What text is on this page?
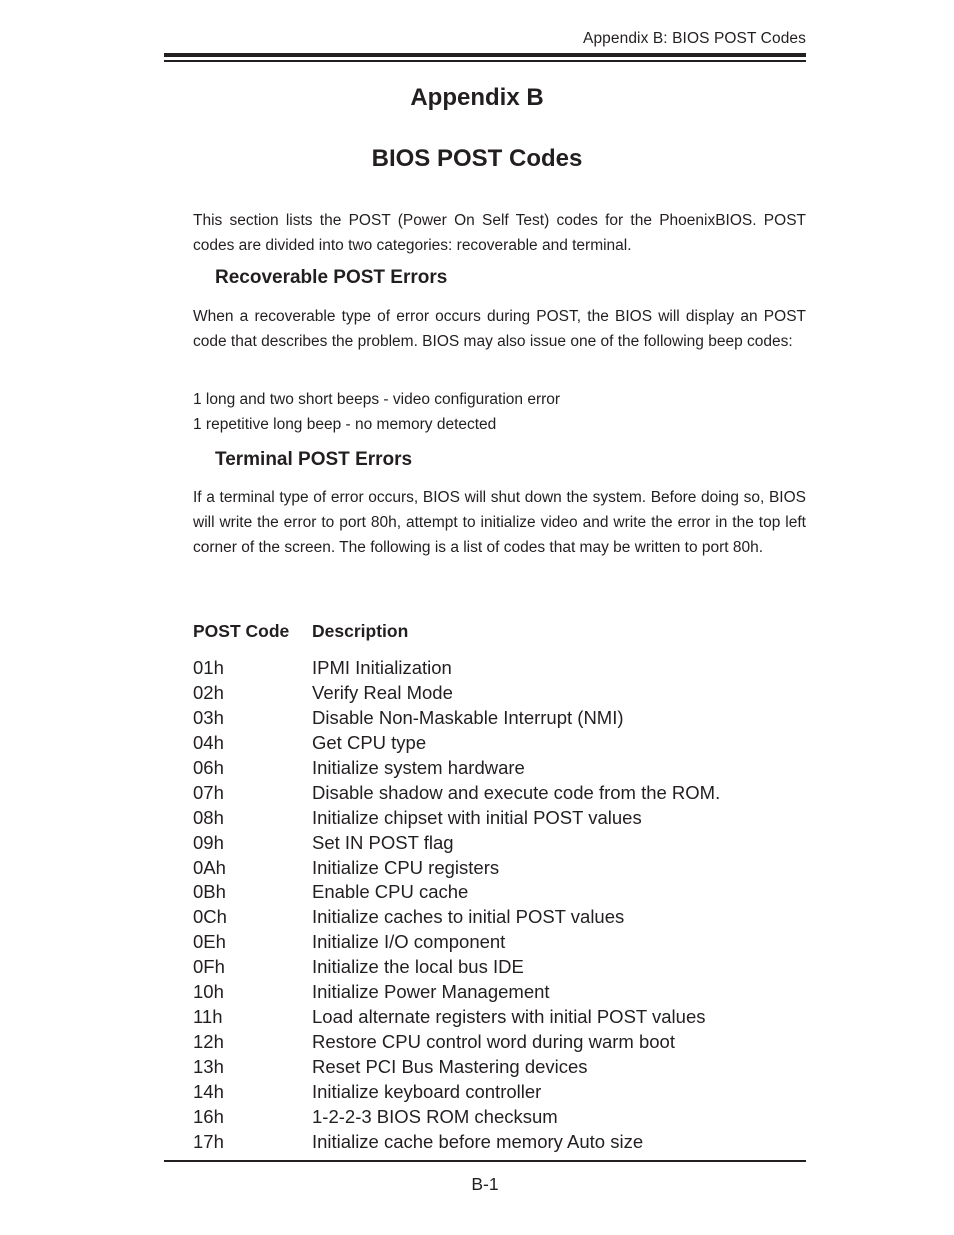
Appendix B: BIOS POST Codes
Appendix B
BIOS POST Codes

This section lists the POST (Power On Self Test) codes for the PhoenixBIOS. POST codes are divided into two categories: recoverable and terminal.

Recoverable POST Errors

When a recoverable type of error occurs during POST, the BIOS will display an POST code that describes the problem. BIOS may also issue one of the following beep codes:

1 long and two short beeps - video configuration error

1 repetitive long beep - no memory detected

Terminal POST Errors

If a terminal type of error occurs, BIOS will shut down the system. Before doing so, BIOS will write the error to port 80h, attempt to initialize video and write the error in the top left corner of the screen. The following is a list of codes that may be written to port 80h.

POST Code Description
01h	IPMI Initialization
02h	Verify Real Mode
03h	Disable Non-Maskable Interrupt (NMI)
04h	Get CPU type
06h	Initialize system hardware
07h	Disable shadow and execute code from the ROM.
08h	Initialize chipset with initial POST values
09h	Set IN POST flag
0Ah	Initialize CPU registers
0Bh	Enable CPU cache
0Ch	Initialize caches to initial POST values
0Eh	Initialize I/O component
0Fh	Initialize the local bus IDE
10h	Initialize Power Management
11h	Load alternate registers with initial POST values
12h	Restore CPU control word during warm boot
13h	Reset PCI Bus Mastering devices
14h	Initialize keyboard controller
16h	1-2-2-3 BIOS ROM checksum
17h	Initialize cache before memory Auto size
B-1
